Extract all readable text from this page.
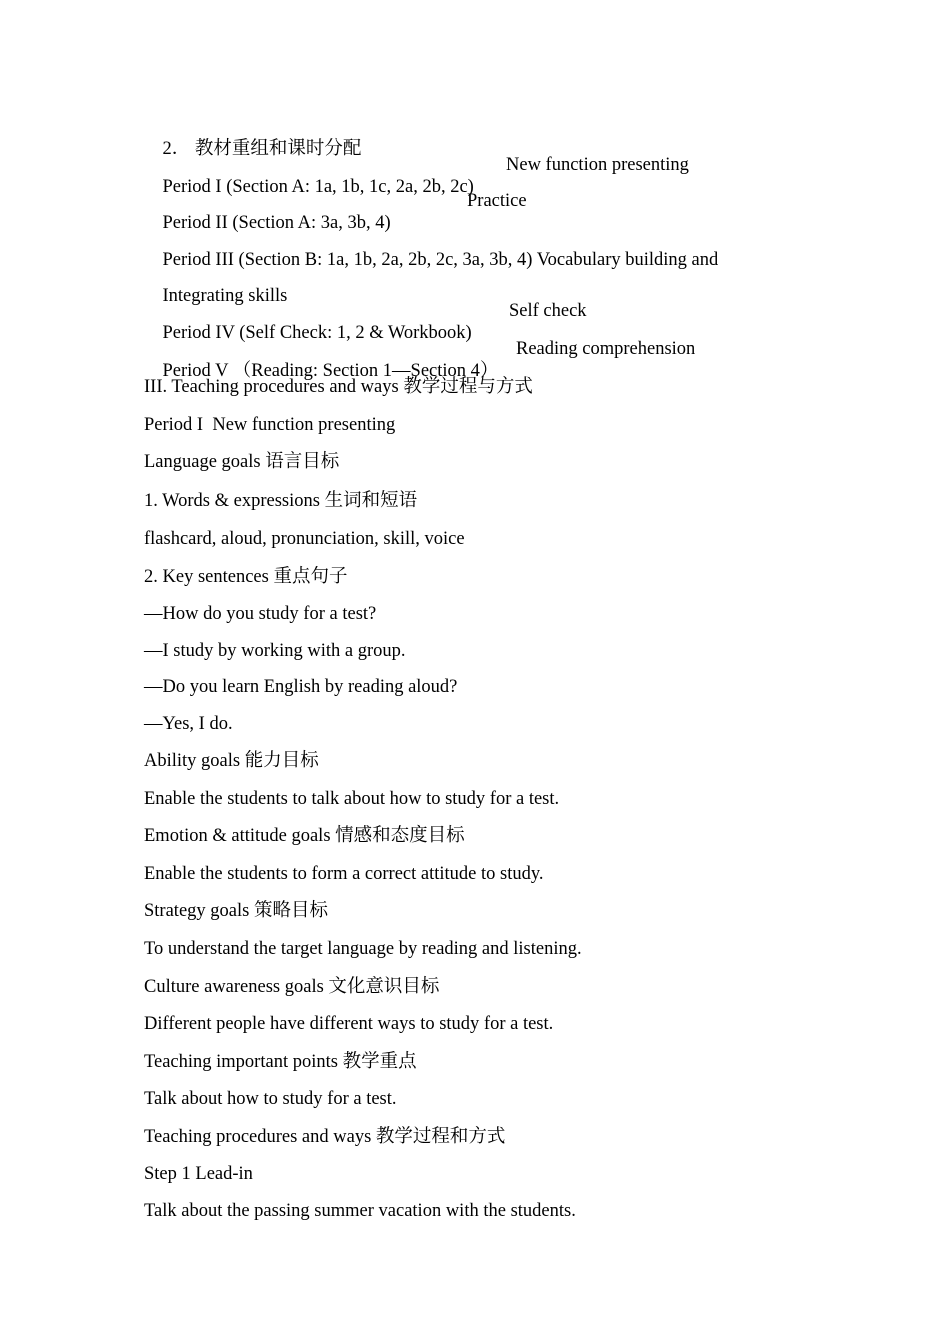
2． 教材重组和课时分配

Period I (Section A: 1a, 1b, 1c, 2a, 2b, 2c)

New function presenting

Period II (Section A: 3a, 3b, 4)

Practice

Period III (Section B: 1a, 1b, 2a, 2b, 2c, 3a, 3b, 4) Vocabulary building and

Integrating skills

Period IV (Self Check: 1, 2 & Workbook)

Self check

Period V （Reading: Section 1—Section 4）

Reading comprehension

III. Teaching procedures and ways 教学过程与方式
Period I  New function presenting
Language goals 语言目标
1. Words & expressions 生词和短语
flashcard, aloud, pronunciation, skill, voice
2. Key sentences 重点句子
—How do you study for a test?
—I study by working with a group.
—Do you learn English by reading aloud?
—Yes, I do.
Ability goals 能力目标
Enable the students to talk about how to study for a test.
Emotion & attitude goals 情感和态度目标
Enable the students to form a correct attitude to study.
Strategy goals 策略目标
To understand the target language by reading and listening.
Culture awareness goals 文化意识目标
Different people have different ways to study for a test.
Teaching important points 教学重点
Talk about how to study for a test.
Teaching procedures and ways 教学过程和方式
Step 1 Lead-in
Talk about the passing summer vacation with the students.
